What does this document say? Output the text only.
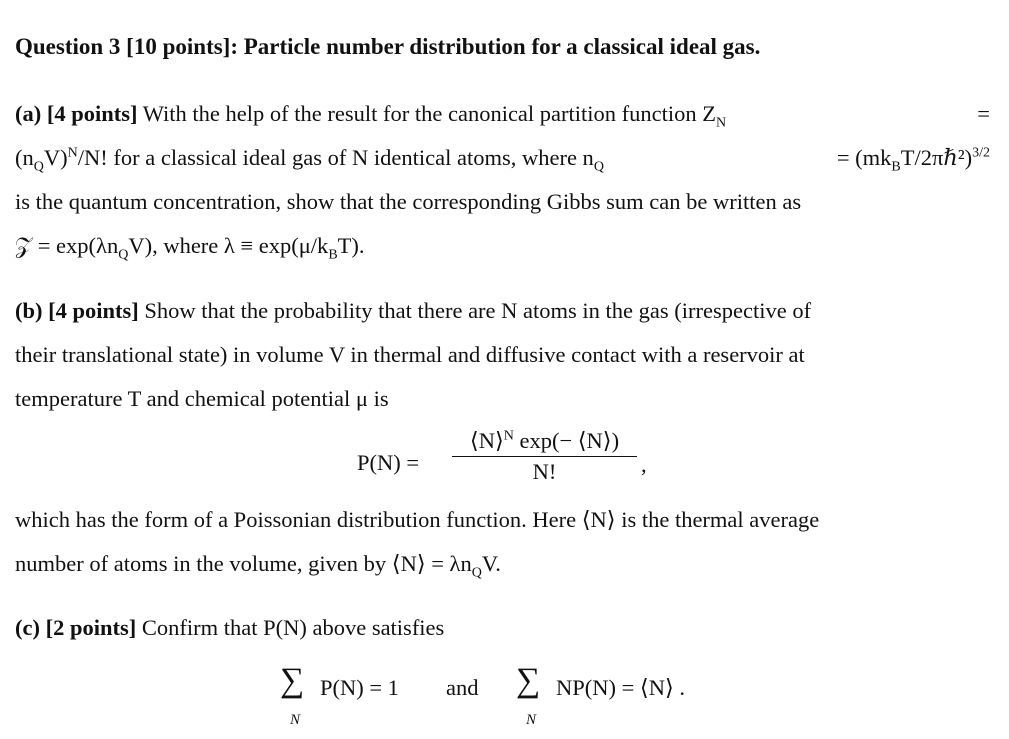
Question 3 [10 points]: Particle number distribution for a classical ideal gas.
(a) [4 points] With the help of the result for the canonical partition function $Z_N$	=
$(n_QV)^N/N$! for a classical ideal gas of N identical atoms, where $n_Q$	= $(mk_BT/2\pi\hbar^2)^{3/2}$
is the quantum concentration, show that the corresponding Gibbs sum can be written as
𝒵 = $\exp(\lambda n_QV)$, where $\lambda \equiv \exp(\mu/k_BT)$.
(b) [4 points] Show that the probability that there are N atoms in the gas (irrespective of
their translational state) in volume V in thermal and diffusive contact with a reservoir at
temperature T and chemical potential μ is
$P(N) = \frac{⟨N⟩^N \exp(- ⟨N⟩)}{N!}$ ,
which has the form of a Poissonian distribution function. Here ⟨N⟩ is the thermal average
number of atoms in the volume, given by ⟨N⟩ = $\lambda n_QV$.
(c) [2 points] Confirm that P(N) above satisfies
∑
N
P(N) = 1 and ∑
N
NP(N) = ⟨N⟩ .
